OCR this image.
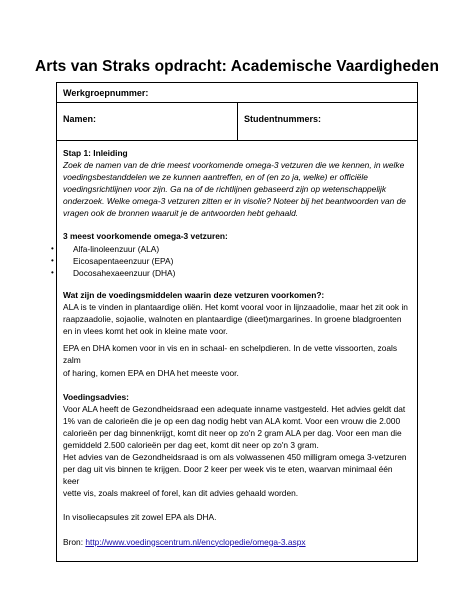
Arts van Straks opdracht: Academische Vaardigheden
Werkgroepnummer:
Namen:	Studentnummers:

Stap 1: Inleiding

Zoek de namen van de drie meest voorkomende omega-3 vetzuren die we kennen, in welke

voedingsbestanddelen we ze kunnen aantreffen, en of (en zo ja, welke) er officiële

voedingsrichtlijnen voor zijn. Ga na of de richtlijnen gebaseerd zijn op wetenschappelijk

onderzoek. Welke omega-3 vetzuren zitten er in visolie? Noteer bij het beantwoorden van de

vragen ook de bronnen waaruit je de antwoorden hebt gehaald.

3 meest voorkomende omega-3 vetzuren:

• Alfa-linoleenzuur (ALA)
• Eicosapentaeenzuur (EPA)
• Docosahexaeenzuur (DHA)

Wat zijn de voedingsmiddelen waarin deze vetzuren voorkomen?:

ALA is te vinden in plantaardige oliën. Het komt vooral voor in lijnzaadolie, maar het zit ook in

raapzaadolie, sojaolie, walnoten en plantaardige (dieet)margarines. In groene bladgroenten

en in vlees komt het ook in kleine mate voor.

EPA en DHA komen voor in vis en in schaal- en schelpdieren. In de vette vissoorten, zoals zalm

of haring, komen EPA en DHA het meeste voor.

Voedingsadvies:

Voor ALA heeft de Gezondheidsraad een adequate inname vastgesteld. Het advies geldt dat

1% van de calorieën die je op een dag nodig hebt van ALA komt. Voor een vrouw die 2.000

calorieën per dag binnenkrijgt, komt dit neer op zo'n 2 gram ALA per dag. Voor een man die

gemiddeld 2.500 calorieën per dag eet, komt dit neer op zo'n 3 gram.

Het advies van de Gezondheidsraad is om als volwassenen 450 milligram omega 3-vetzuren

per dag uit vis binnen te krijgen. Door 2 keer per week vis te eten, waarvan minimaal één keer

vette vis, zoals makreel of forel, kan dit advies gehaald worden.

In visoliecapsules zit zowel EPA als DHA.

Bron: http://www.voedingscentrum.nl/encyclopedie/omega-3.aspx
